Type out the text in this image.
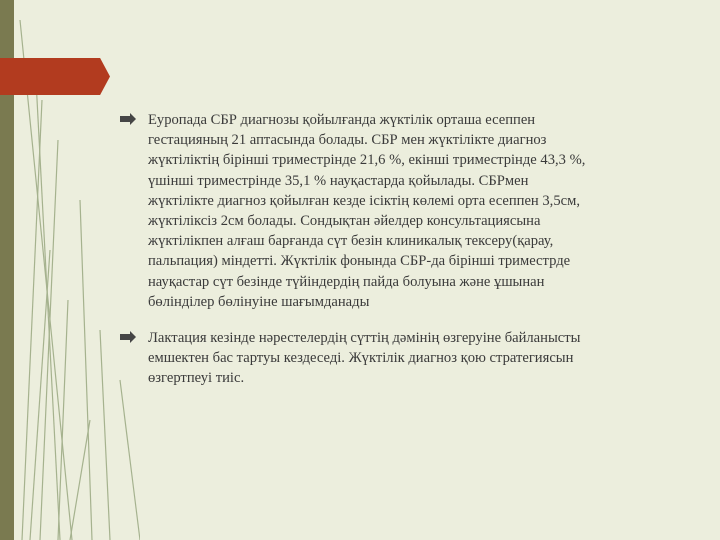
Еуропада СБР диагнозы қойылғанда жүктілік орташа есеппен гестацияның 21 аптасында болады. СБР мен жүктілікте диагноз жүктіліктің бірінші триместрінде 21,6 %, екінші триместрінде 43,3 %, үшінші триместрінде 35,1 % науқастарда қойылады. СБРмен жүктілікте диагноз қойылған кезде ісіктің көлемі орта есеппен 3,5см, жүктіліксіз 2см болады. Сондықтан әйелдер консультациясына жүктілікпен алғаш барғанда сүт безін клиникалық тексеру(қарау, пальпация) міндетті. Жүктілік фонында СБР-да бірінші триместрде науқастар сүт безінде түйіндердің пайда болуына және ұшынан бөлінділер бөлінуіне шағымданады

Лактация кезінде нәрестелердің сүттің дәмінің өзгеруіне байланысты емшектен бас тартуы кездеседі. Жүктілік диагноз қою стратегиясын өзгертпеуі тиіс.
